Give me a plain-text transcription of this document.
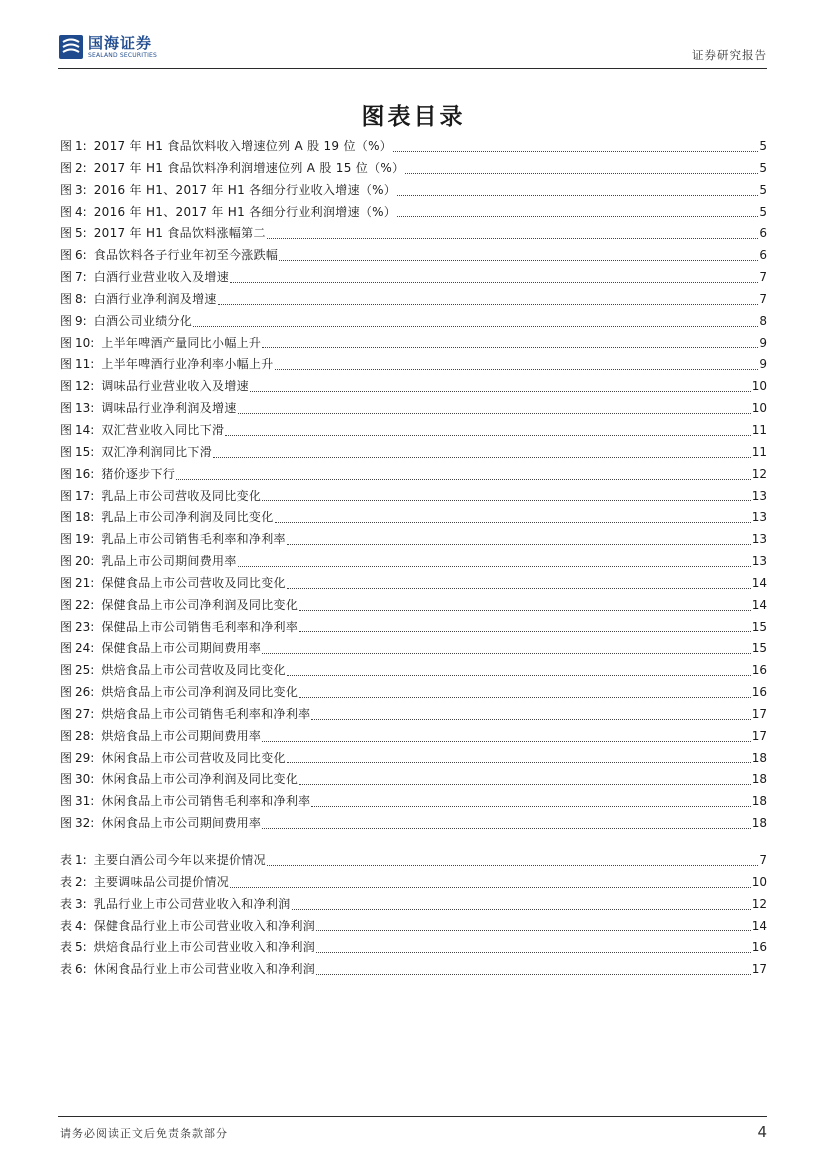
国海证券
SEALAND SECURITIES	证券研究报告
图表目录
图 1: 2017 年 H1 食品饮料收入增速位列 A 股 19 位（%）	5
图 2: 2017 年 H1 食品饮料净利润增速位列 A 股 15 位（%）	5
图 3: 2016 年 H1、2017 年 H1 各细分行业收入增速（%）	5
图 4: 2016 年 H1、2017 年 H1 各细分行业利润增速（%）	5
图 5: 2017 年 H1 食品饮料涨幅第二	6
图 6: 食品饮料各子行业年初至今涨跌幅	6
图 7: 白酒行业营业收入及增速	7
图 8: 白酒行业净利润及增速	7
图 9: 白酒公司业绩分化	8
图 10: 上半年啤酒产量同比小幅上升	9
图 11: 上半年啤酒行业净利率小幅上升	9
图 12: 调味品行业营业收入及增速	10
图 13: 调味品行业净利润及增速	10
图 14: 双汇营业收入同比下滑	11
图 15: 双汇净利润同比下滑	11
图 16: 猪价逐步下行	12
图 17: 乳品上市公司营收及同比变化	13
图 18: 乳品上市公司净利润及同比变化	13
图 19: 乳品上市公司销售毛利率和净利率	13
图 20: 乳品上市公司期间费用率	13
图 21: 保健食品上市公司营收及同比变化	14
图 22: 保健食品上市公司净利润及同比变化	14
图 23: 保健品上市公司销售毛利率和净利率	15
图 24: 保健食品上市公司期间费用率	15
图 25: 烘焙食品上市公司营收及同比变化	16
图 26: 烘焙食品上市公司净利润及同比变化	16
图 27: 烘焙食品上市公司销售毛利率和净利率	17
图 28: 烘焙食品上市公司期间费用率	17
图 29: 休闲食品上市公司营收及同比变化	18
图 30: 休闲食品上市公司净利润及同比变化	18
图 31: 休闲食品上市公司销售毛利率和净利率	18
图 32: 休闲食品上市公司期间费用率	18
表 1: 主要白酒公司今年以来提价情况	7
表 2: 主要调味品公司提价情况	10
表 3: 乳品行业上市公司营业收入和净利润	12
表 4: 保健食品行业上市公司营业收入和净利润	14
表 5: 烘焙食品行业上市公司营业收入和净利润	16
表 6: 休闲食品行业上市公司营业收入和净利润	17
请务必阅读正文后免责条款部分	4
